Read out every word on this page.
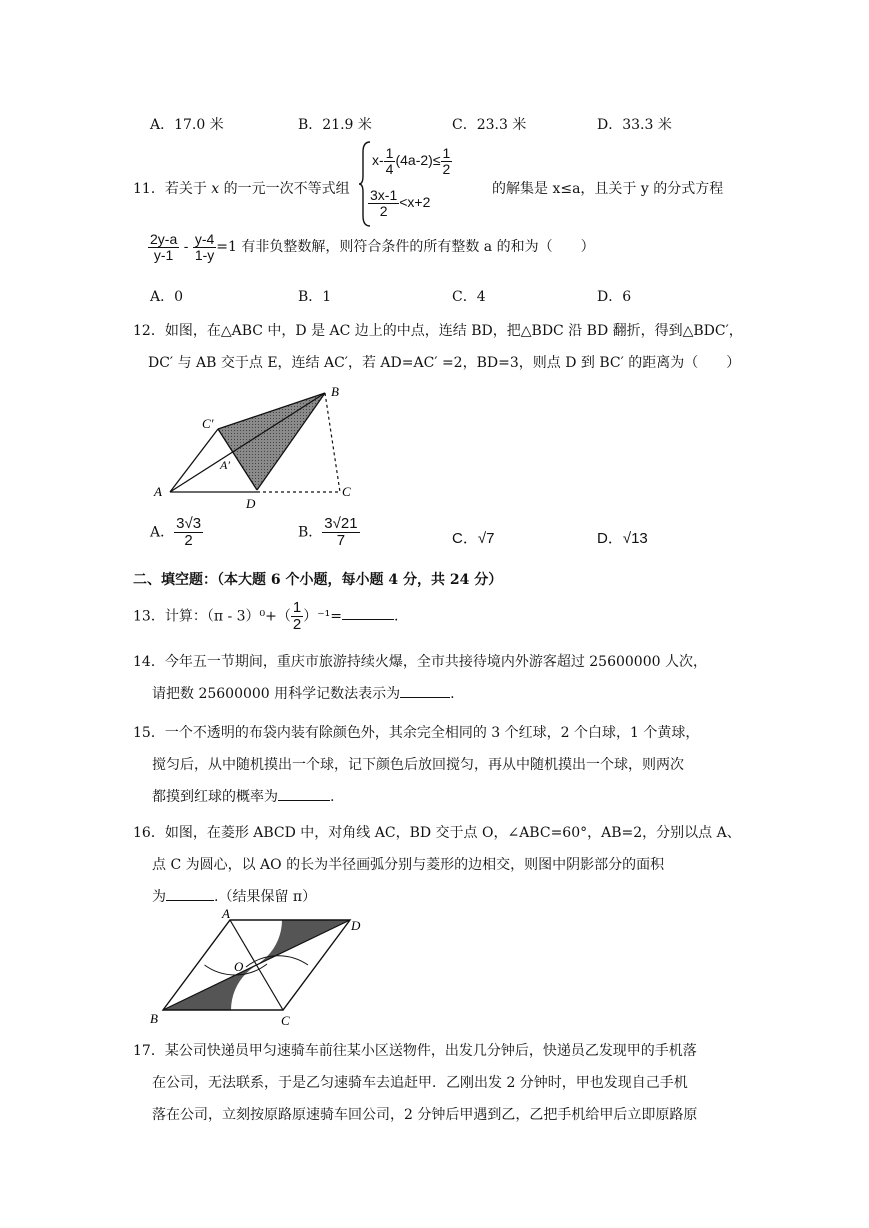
A．17.0 米	B．21.9 米	C．23.3 米	D．33.3 米
11．若关于 x 的一元一次不等式组
$x- \frac{1}{4} (4a-2)\le \frac{1}{2}$
$\frac{3x-1}{2} <x+2$
的解集是 x≤a，且关于 y 的分式方程
$\frac{2y-a}{y-1} - \frac{y-4}{1-y} =1$ 有非负整数解，则符合条件的所有整数 a 的和为（　　）
A．0	B．1	C．4	D．6
12．如图，在△ABC 中，D 是 AC 边上的中点，连结 BD，把△BDC 沿 BD 翻折，得到△BDC′，
DC′ 与 AB 交于点 E，连结 AC′，若 AD=AC′ =2，BD=3，则点 D 到 BC′ 的距离为（　　）
B
C′
A′
A
D
C
A． $\frac{3√3}{2}$	B． $\frac{3√21}{7}$	C．√7	D．√13
二、填空题：（本大题 6 个小题，每小题 4 分，共 24 分）
13．计算：$(\pi - 3)^0+( \frac{1}{2} )^{-1}=$	.
14．今年五一节期间，重庆市旅游持续火爆，全市共接待境内外游客超过 25600000 人次，
请把数 25600000 用科学记数法表示为	.
15．一个不透明的布袋内装有除颜色外，其余完全相同的 3 个红球，2 个白球，1 个黄球，
搅匀后，从中随机摸出一个球，记下颜色后放回搅匀，再从中随机摸出一个球，则两次
都摸到红球的概率为	.
16．如图，在菱形 ABCD 中，对角线 AC，BD 交于点 O，∠ABC=60°，AB=2，分别以点 A、
点 C 为圆心，以 AO 的长为半径画弧分别与菱形的边相交，则图中阴影部分的面积
为	.（结果保留 π）
A
D
B	C
O
17．某公司快递员甲匀速骑车前往某小区送物件，出发几分钟后，快递员乙发现甲的手机落
在公司，无法联系，于是乙匀速骑车去追赶甲．乙刚出发 2 分钟时，甲也发现自己手机
落在公司，立刻按原路原速骑车回公司，2 分钟后甲遇到乙，乙把手机给甲后立即原路原
